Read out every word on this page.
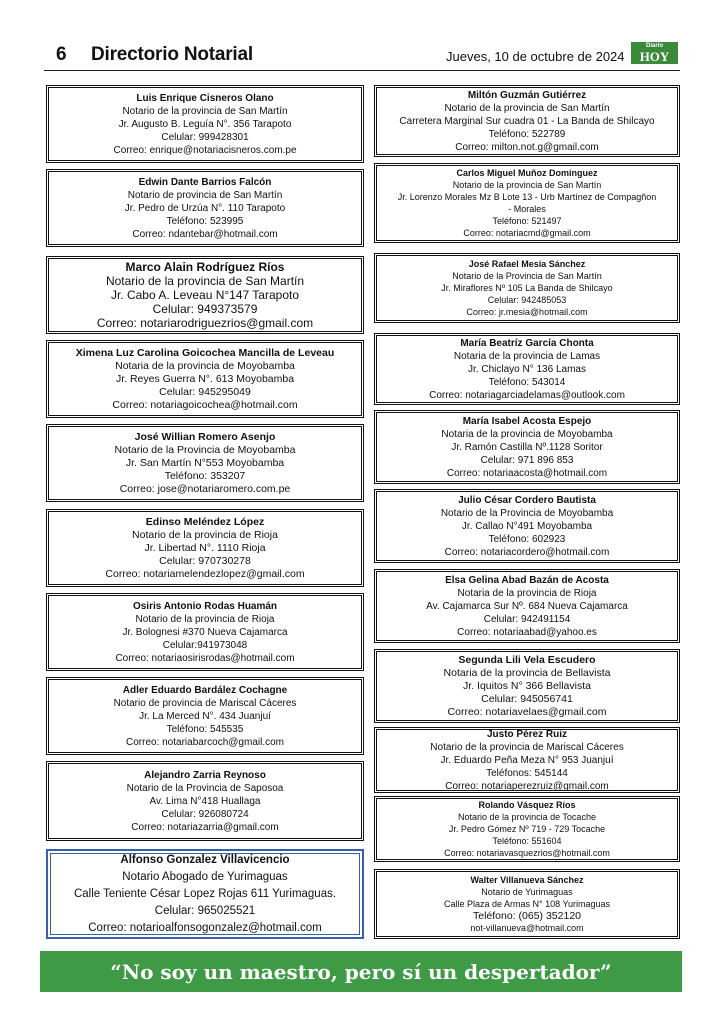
6 Directorio Notarial	Jueves, 10 de octubre de 2024
Diario
HOY
Luis Enrique Cisneros Olano
Notario de la provincia de San Martín
Jr. Augusto B. Leguía N°. 356 Tarapoto
Celular: 999428301
Correo: enrique@notariacisneros.com.pe
Edwin Dante Barrios Falcón
Notario de provincia de San Martín
Jr. Pedro de Urzúa N°. 110 Tarapoto
Teléfono: 523995
Correo: ndantebar@hotmail.com
Marco Alain Rodríguez Ríos
Notario de la provincia de San Martín
Jr. Cabo A. Leveau N°147 Tarapoto
Celular: 949373579
Correo: notariarodriguezrios@gmail.com
Ximena Luz Carolina Goicochea Mancilla de Leveau
Notaria de la provincia de Moyobamba
Jr. Reyes Guerra N°. 613 Moyobamba
Celular: 945295049
Correo: notariagoicochea@hotmail.com
José Willian Romero Asenjo
Notario de la Provincia de Moyobamba
Jr. San Martín N°553 Moyobamba
Teléfono: 353207
Correo: jose@notariaromero.com.pe
Edinso Meléndez López
Notario de la provincia de Rioja
Jr. Libertad N°. 1110 Rioja
Celular: 970730278
Correo: notariamelendezlopez@gmail.com
Osiris Antonio Rodas Huamán
Notario de la provincia de Rioja
Jr. Bolognesi #370 Nueva Cajamarca
Celular:941973048
Correo: notariaosirisrodas@hotmail.com
Adler Eduardo Bardález Cochagne
Notario de provincia de Mariscal Cáceres
Jr. La Merced N°. 434 Juanjuí
Teléfono: 545535
Correo: notariabarcoch@gmail.com
Alejandro Zarria Reynoso
Notario de la Provincia de Saposoa
Av. Lima N°418 Huallaga
Celular: 926080724
Correo: notariazarria@gmail.com
Alfonso Gonzalez Villavicencio
Notario Abogado de Yurimaguas
Calle Teniente César Lopez Rojas 611 Yurimaguas.
Celular: 965025521
Correo: notarioalfonsogonzalez@hotmail.com
Miltón Guzmán Gutiérrez
Notario de la provincia de San Martín
Carretera Marginal Sur cuadra 01 - La Banda de Shilcayo
Teléfono: 522789
Correo: milton.not.g@gmail.com
Carlos Miguel Muñoz Domínguez
Notario de la provincia de San Martín
Jr. Lorenzo Morales Mz B Lote 13 - Urb Martínez de Compagñon
- Morales
Teléfono: 521497
Correo: notariacmd@gmail.com
José Rafael Mesía Sánchez
Notario de la Provincia de San Martín
Jr. Miraflores Nº 105 La Banda de Shilcayo
Celular: 942485053
Correo: jr.mesia@hotmail.com
María Beatríz García Chonta
Notaria de la provincia de Lamas
Jr. Chiclayo N° 136 Lamas
Teléfono: 543014
Correo: notariagarciadelamas@outlook.com
María Isabel Acosta Espejo
Notaria de la provincia de Moyobamba
Jr. Ramón Castilla Nº.1128 Soritor
Celular: 971 896 853
Correo: notariaacosta@hotmail.com
Julio César Cordero Bautista
Notario de la Provincia de Moyobamba
Jr. Callao N°491 Moyobamba
Teléfono: 602923
Correo: notariacordero@hotmail.com
Elsa Gelina Abad Bazán de Acosta
Notaria de la provincia de Rioja
Av. Cajamarca Sur Nº. 684 Nueva Cajamarca
Celular: 942491154
Correo: notariaabad@yahoo.es
Segunda Lili Vela Escudero
Notaria de la provincia de Bellavista
Jr. Iquitos N° 366 Bellavista
Celular: 945056741
Correo: notariavelaes@gmail.com
Justo Pérez Ruiz
Notario de la provincia de Mariscal Cáceres
Jr. Eduardo Peña Meza N° 953 Juanjuí
Teléfonos: 545144
Correo: notariaperezruiz@gmail.com
Rolando Vásquez Ríos
Notario de la provincia de Tocache
Jr. Pedro Gómez Nº 719 - 729 Tocache
Teléfono: 551604
Correo: notariavasquezrios@hotmail.com
Walter Villanueva Sánchez
Notario de Yurimaguas
Calle Plaza de Armas N° 108 Yurimaguas
Teléfono: (065) 352120
not-villanueva@hotmail.com
“No soy un maestro, pero sí un despertador”
